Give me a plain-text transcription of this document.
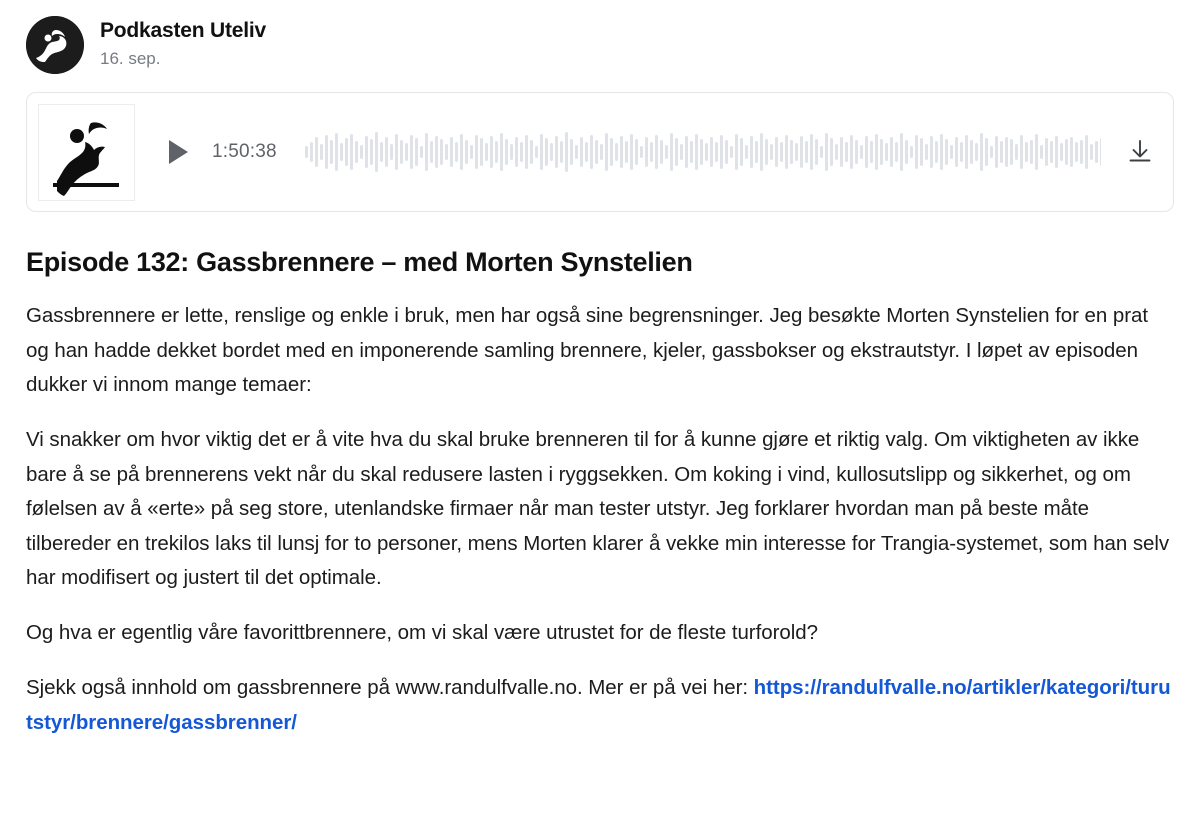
Podkasten Uteliv
16. sep.
1:50:38
Episode 132: Gassbrennere – med Morten Synstelien

Gassbrennere er lette, renslige og enkle i bruk, men har også sine begrensninger. Jeg besøkte Morten Synstelien for en prat og han hadde dekket bordet med en imponerende samling brennere, kjeler, gassbokser og ekstrautstyr. I løpet av episoden dukker vi innom mange temaer:

Vi snakker om hvor viktig det er å vite hva du skal bruke brenneren til for å kunne gjøre et riktig valg. Om viktigheten av ikke bare å se på brennerens vekt når du skal redusere lasten i ryggsekken. Om koking i vind, kullosutslipp og sikkerhet, og om følelsen av å «erte» på seg store, utenlandske firmaer når man tester utstyr. Jeg forklarer hvordan man på beste måte tilbereder en trekilos laks til lunsj for to personer, mens Morten klarer å vekke min interesse for Trangia-systemet, som han selv har modifisert og justert til det optimale.

Og hva er egentlig våre favorittbrennere, om vi skal være utrustet for de fleste turforold?

Sjekk også innhold om gassbrennere på www.randulfvalle.no. Mer er på vei her: https://randulfvalle.no/artikler/kategori/turutstyr/brennere/gassbrenner/
